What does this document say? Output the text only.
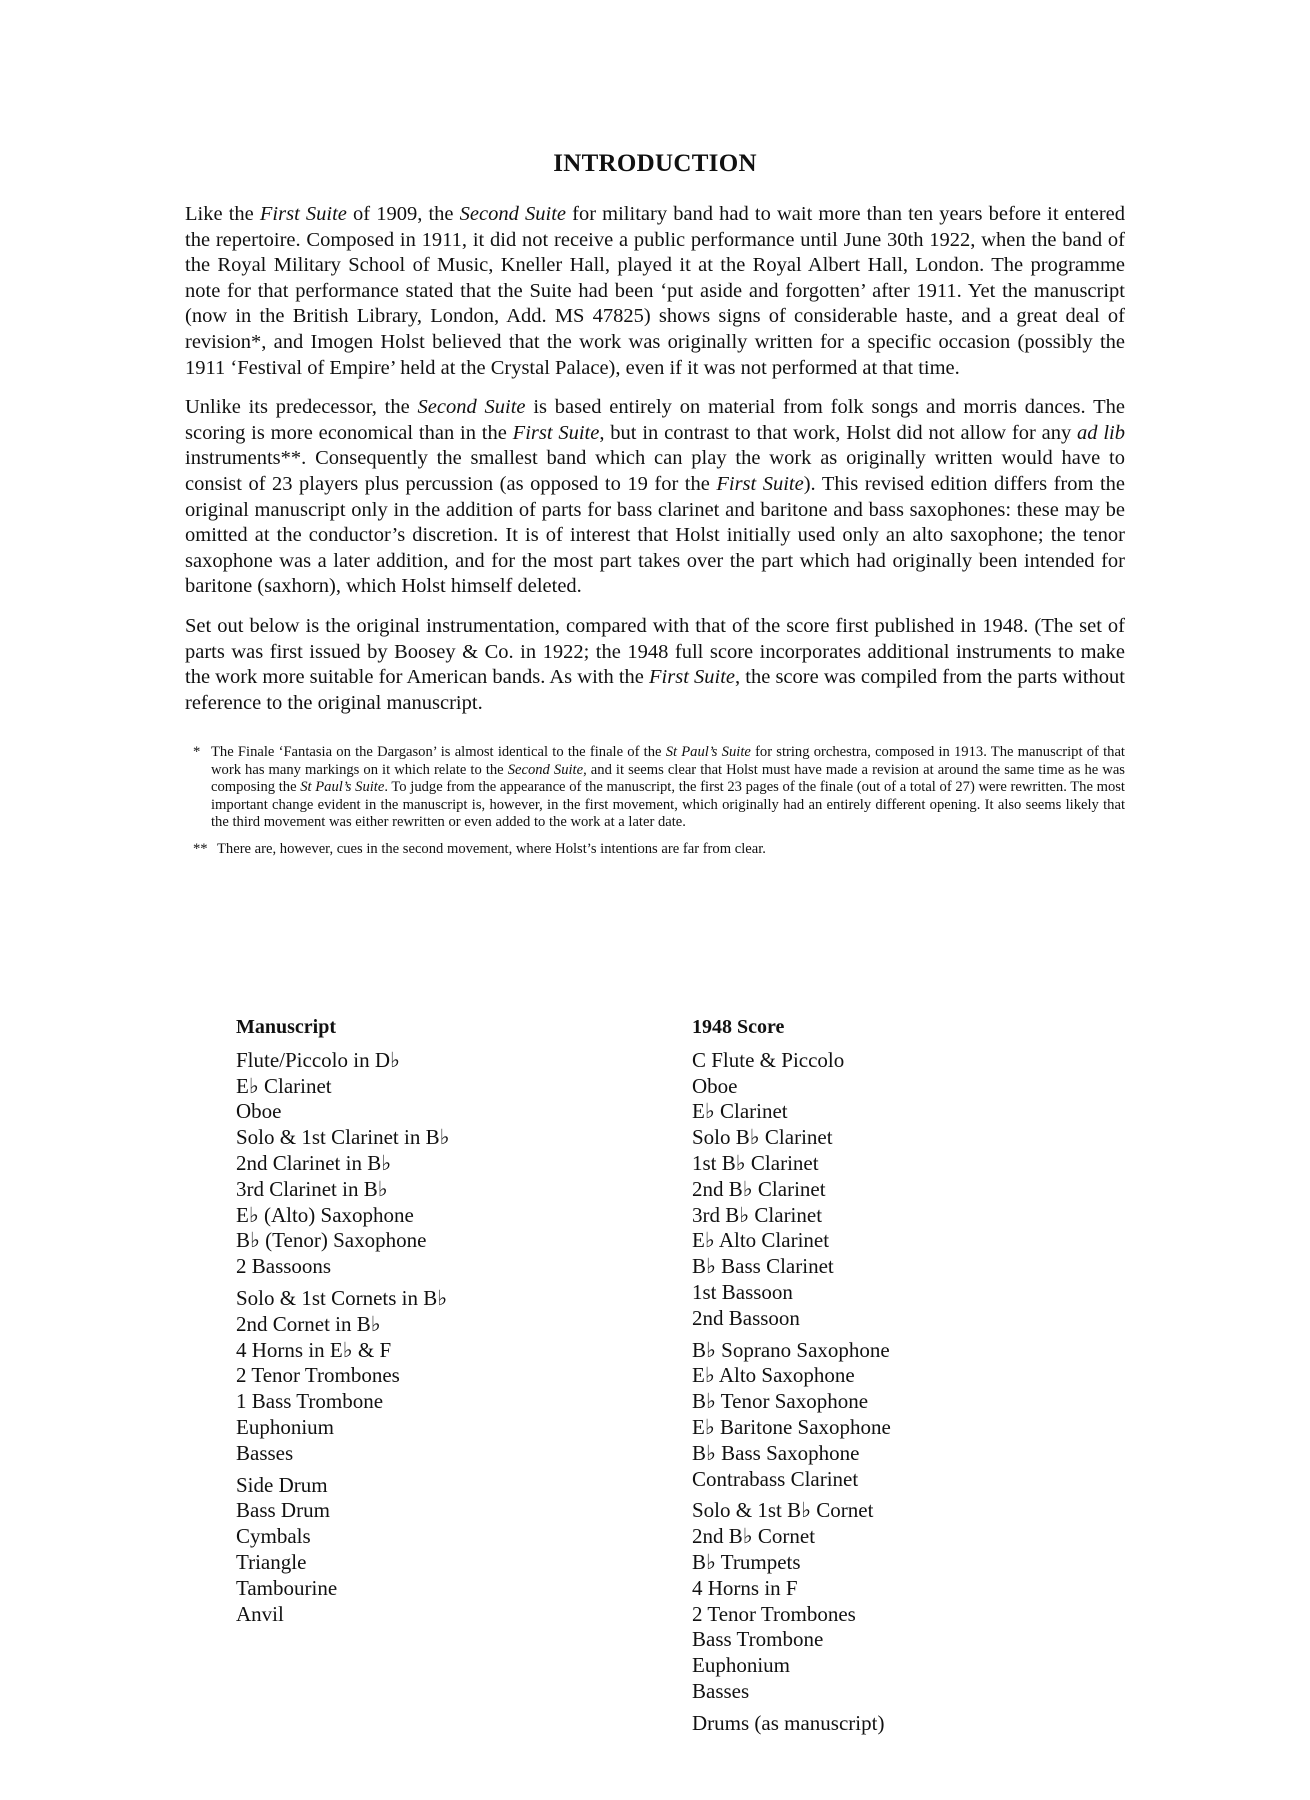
INTRODUCTION

Like the First Suite of 1909, the Second Suite for military band had to wait more than ten years before it entered the repertoire. Composed in 1911, it did not receive a public performance until June 30th 1922, when the band of the Royal Military School of Music, Kneller Hall, played it at the Royal Albert Hall, London. The programme note for that performance stated that the Suite had been ‘put aside and forgotten’ after 1911. Yet the manuscript (now in the British Library, London, Add. MS 47825) shows signs of considerable haste, and a great deal of revision*, and Imogen Holst believed that the work was originally written for a specific occasion (possibly the 1911 ‘Festival of Empire’ held at the Crystal Palace), even if it was not performed at that time.

Unlike its predecessor, the Second Suite is based entirely on material from folk songs and morris dances. The scoring is more economical than in the First Suite, but in contrast to that work, Holst did not allow for any ad lib instruments**. Consequently the smallest band which can play the work as originally written would have to consist of 23 players plus percussion (as opposed to 19 for the First Suite). This revised edition differs from the original manuscript only in the addition of parts for bass clarinet and baritone and bass saxophones: these may be omitted at the conductor’s discretion. It is of interest that Holst initially used only an alto saxophone; the tenor saxophone was a later addition, and for the most part takes over the part which had originally been intended for baritone (saxhorn), which Holst himself deleted.

Set out below is the original instrumentation, compared with that of the score first published in 1948. (The set of parts was first issued by Boosey & Co. in 1922; the 1948 full score incorporates additional instruments to make the work more suitable for American bands. As with the First Suite, the score was compiled from the parts without reference to the original manuscript.

* The Finale ‘Fantasia on the Dargason’ is almost identical to the finale of the St Paul’s Suite for string orchestra, composed in 1913. The manuscript of that work has many markings on it which relate to the Second Suite, and it seems clear that Holst must have made a revision at around the same time as he was composing the St Paul’s Suite. To judge from the appearance of the manuscript, the first 23 pages of the finale (out of a total of 27) were rewritten. The most important change evident in the manuscript is, however, in the first movement, which originally had an entirely different opening. It also seems likely that the third movement was either rewritten or even added to the work at a later date.

** There are, however, cues in the second movement, where Holst’s intentions are far from clear.

Manuscript
Flute/Piccolo in D♭
E♭ Clarinet
Oboe
Solo & 1st Clarinet in B♭
2nd Clarinet in B♭
3rd Clarinet in B♭
E♭ (Alto) Saxophone
B♭ (Tenor) Saxophone
2 Bassoons
Solo & 1st Cornets in B♭
2nd Cornet in B♭
4 Horns in E♭ & F
2 Tenor Trombones
1 Bass Trombone
Euphonium
Basses
Side Drum
Bass Drum
Cymbals
Triangle
Tambourine
Anvil
1948 Score
C Flute & Piccolo
Oboe
E♭ Clarinet
Solo B♭ Clarinet
1st B♭ Clarinet
2nd B♭ Clarinet
3rd B♭ Clarinet
E♭ Alto Clarinet
B♭ Bass Clarinet
1st Bassoon
2nd Bassoon
B♭ Soprano Saxophone
E♭ Alto Saxophone
B♭ Tenor Saxophone
E♭ Baritone Saxophone
B♭ Bass Saxophone
Contrabass Clarinet
Solo & 1st B♭ Cornet
2nd B♭ Cornet
B♭ Trumpets
4 Horns in F
2 Tenor Trombones
Bass Trombone
Euphonium
Basses
Drums (as manuscript)
